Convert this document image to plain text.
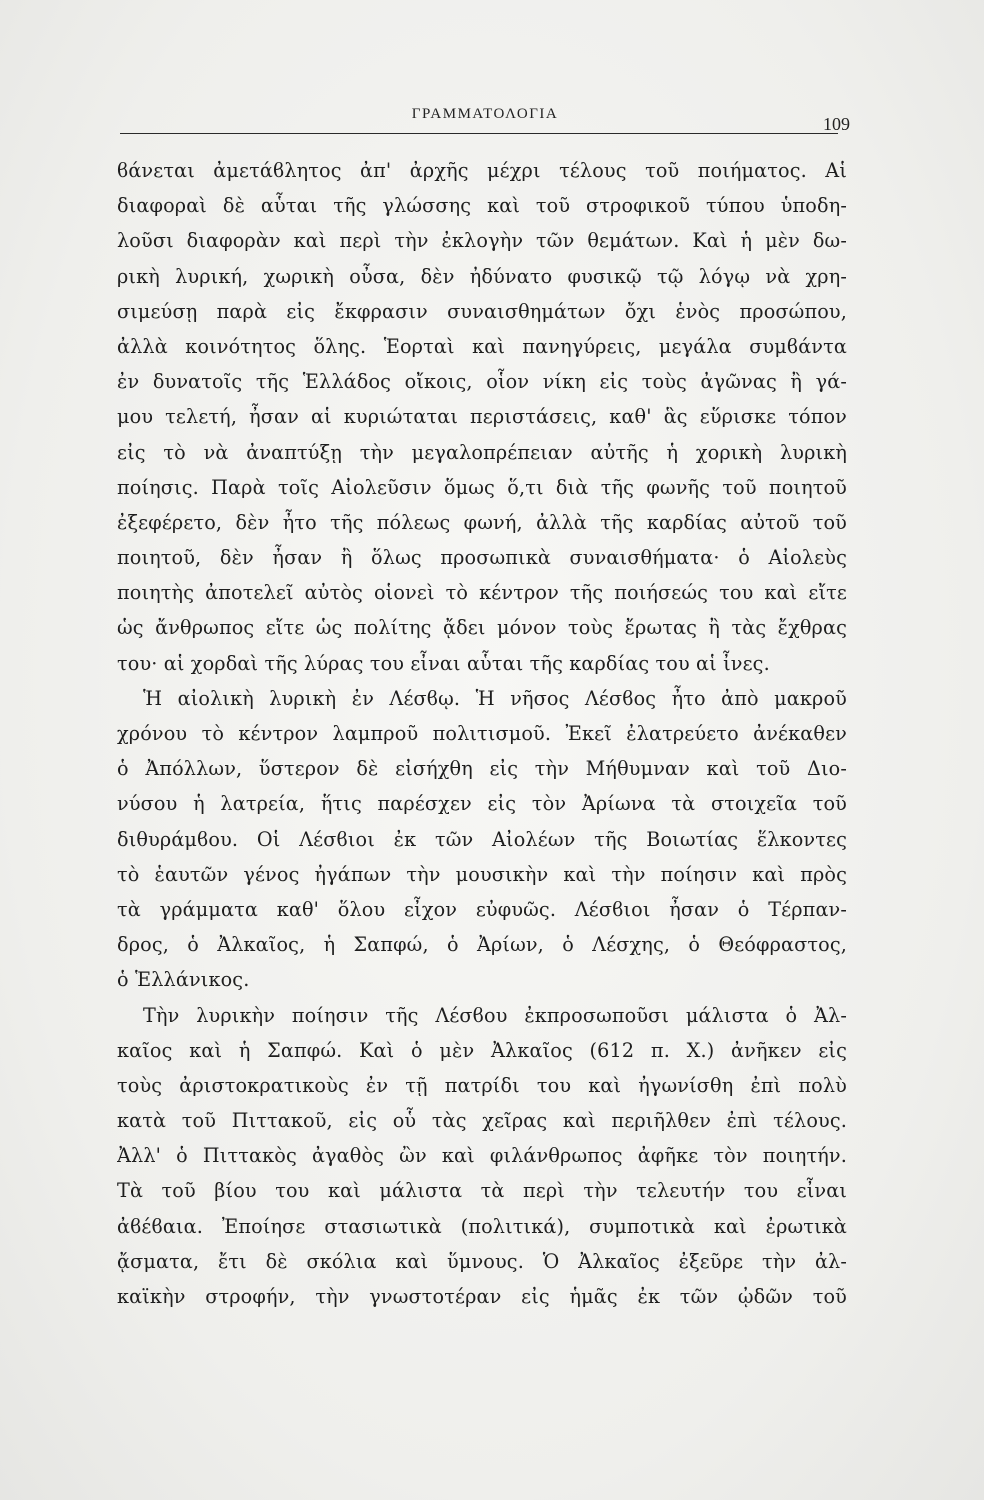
ΓΡΑΜΜΑΤΟΛΟΓΙΑ	109
ϐάνεται ἀμετάϐλητος ἀπ' ἀρχῆς μέχρι τέλους τοῦ ποιήματος. Αἱ
διαφοραὶ δὲ αὗται τῆς γλώσσης καὶ τοῦ στροφικοῦ τύπου ὑποδη-
λοῦσι διαφορὰν καὶ περὶ τὴν ἐκλογὴν τῶν θεμάτων. Καὶ ἡ μὲν δω-
ρικὴ λυρική, χωρικὴ οὖσα, δὲν ἠδύνατο φυσικῷ τῷ λόγῳ νὰ χρη-
σιμεύσῃ παρὰ εἰς ἔκφρασιν συναισθημάτων ὄχι ἑνὸς προσώπου,
ἀλλὰ κοινότητος ὅλης. Ἑορταὶ καὶ πανηγύρεις, μεγάλα συμϐάντα
ἐν δυνατοῖς τῆς Ἑλλάδος οἴκοις, οἷον νίκη εἰς τοὺς ἀγῶνας ἢ γά-
μου τελετή, ἦσαν αἱ κυριώταται περιστάσεις, καθ' ἃς εὕρισκε τόπον
εἰς τὸ νὰ ἀναπτύξῃ τὴν μεγαλοπρέπειαν αὐτῆς ἡ χορικὴ λυρικὴ
ποίησις. Παρὰ τοῖς Αἰολεῦσιν ὅμως ὅ,τι διὰ τῆς φωνῆς τοῦ ποιητοῦ
ἐξεφέρετο, δὲν ἦτο τῆς πόλεως φωνή, ἀλλὰ τῆς καρδίας αὐτοῦ τοῦ
ποιητοῦ, δὲν ἦσαν ἢ ὅλως προσωπικὰ συναισθήματα· ὁ Αἰολεὺς
ποιητὴς ἀποτελεῖ αὐτὸς οἱονεὶ τὸ κέντρον τῆς ποιήσεώς του καὶ εἴτε
ὡς ἄνθρωπος εἴτε ὡς πολίτης ᾄδει μόνον τοὺς ἔρωτας ἢ τὰς ἔχθρας
του· αἱ χορδαὶ τῆς λύρας του εἶναι αὗται τῆς καρδίας του αἱ ἶνες.
Ἡ αἰολικὴ λυρικὴ ἐν Λέσϐῳ. Ἡ νῆσος Λέσϐος ἦτο ἀπὸ μακροῦ
χρόνου τὸ κέντρον λαμπροῦ πολιτισμοῦ. Ἐκεῖ ἐλατρεύετο ἀνέκαθεν
ὁ Ἀπόλλων, ὕστερον δὲ εἰσήχθη εἰς τὴν Μήθυμναν καὶ τοῦ Διο-
νύσου ἡ λατρεία, ἥτις παρέσχεν εἰς τὸν Ἀρίωνα τὰ στοιχεῖα τοῦ
διθυράμϐου. Οἱ Λέσϐιοι ἐκ τῶν Αἰολέων τῆς Βοιωτίας ἕλκοντες
τὸ ἑαυτῶν γένος ἠγάπων τὴν μουσικὴν καὶ τὴν ποίησιν καὶ πρὸς
τὰ γράμματα καθ' ὅλου εἶχον εὐφυῶς. Λέσϐιοι ἦσαν ὁ Τέρπαν-
δρος, ὁ Ἀλκαῖος, ἡ Σαπφώ, ὁ Ἀρίων, ὁ Λέσχης, ὁ Θεόφραστος,
ὁ Ἑλλάνικος.
Τὴν λυρικὴν ποίησιν τῆς Λέσϐου ἐκπροσωποῦσι μάλιστα ὁ Ἀλ-
καῖος καὶ ἡ Σαπφώ. Καὶ ὁ μὲν Ἀλκαῖος (612 π. Χ.) ἀνῆκεν εἰς
τοὺς ἀριστοκρατικοὺς ἐν τῇ πατρίδι του καὶ ἠγωνίσθη ἐπὶ πολὺ
κατὰ τοῦ Πιττακοῦ, εἰς οὗ τὰς χεῖρας καὶ περιῆλθεν ἐπὶ τέλους.
Ἀλλ' ὁ Πιττακὸς ἀγαθὸς ὢν καὶ φιλάνθρωπος ἀφῆκε τὸν ποιητήν.
Τὰ τοῦ βίου του καὶ μάλιστα τὰ περὶ τὴν τελευτήν του εἶναι
ἀϐέϐαια. Ἐποίησε στασιωτικὰ (πολιτικά), συμποτικὰ καὶ ἐρωτικὰ
ᾄσματα, ἔτι δὲ σκόλια καὶ ὕμνους. Ὁ Ἀλκαῖος ἐξεῦρε τὴν ἀλ-
καϊκὴν στροφήν, τὴν γνωστοτέραν εἰς ἡμᾶς ἐκ τῶν ᾠδῶν τοῦ
